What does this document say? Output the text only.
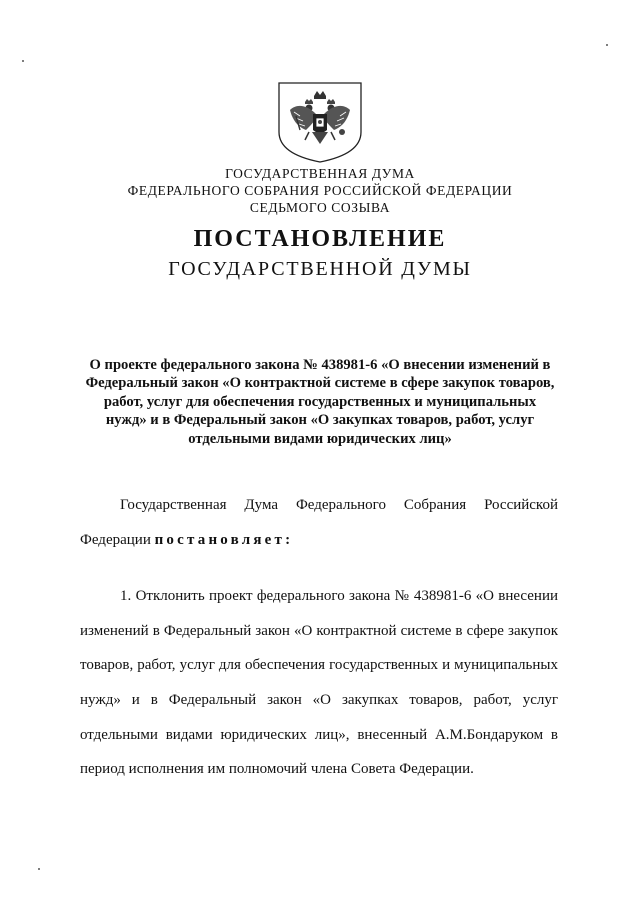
ГОСУДАРСТВЕННАЯ ДУМА
ФЕДЕРАЛЬНОГО СОБРАНИЯ РОССИЙСКОЙ ФЕДЕРАЦИИ
СЕДЬМОГО СОЗЫВА
ПОСТАНОВЛЕНИЕ
ГОСУДАРСТВЕННОЙ ДУМЫ
О проекте федерального закона № 438981-6 «О внесении изменений в
Федеральный закон «О контрактной системе в сфере закупок товаров,
работ, услуг для обеспечения государственных и муниципальных
нужд» и в Федеральный закон «О закупках товаров, работ, услуг
отдельными видами юридических лиц»

Государственная Дума Федерального Собрания Российской Федерации постановляет:

1. Отклонить проект федерального закона № 438981-6 «О внесении изменений в Федеральный закон «О контрактной системе в сфере закупок товаров, работ, услуг для обеспечения государственных и муниципальных нужд» и в Федеральный закон «О закупках товаров, работ, услуг отдельными видами юридических лиц», внесенный А.М.Бондаруком в период исполнения им полномочий члена Совета Федерации.
